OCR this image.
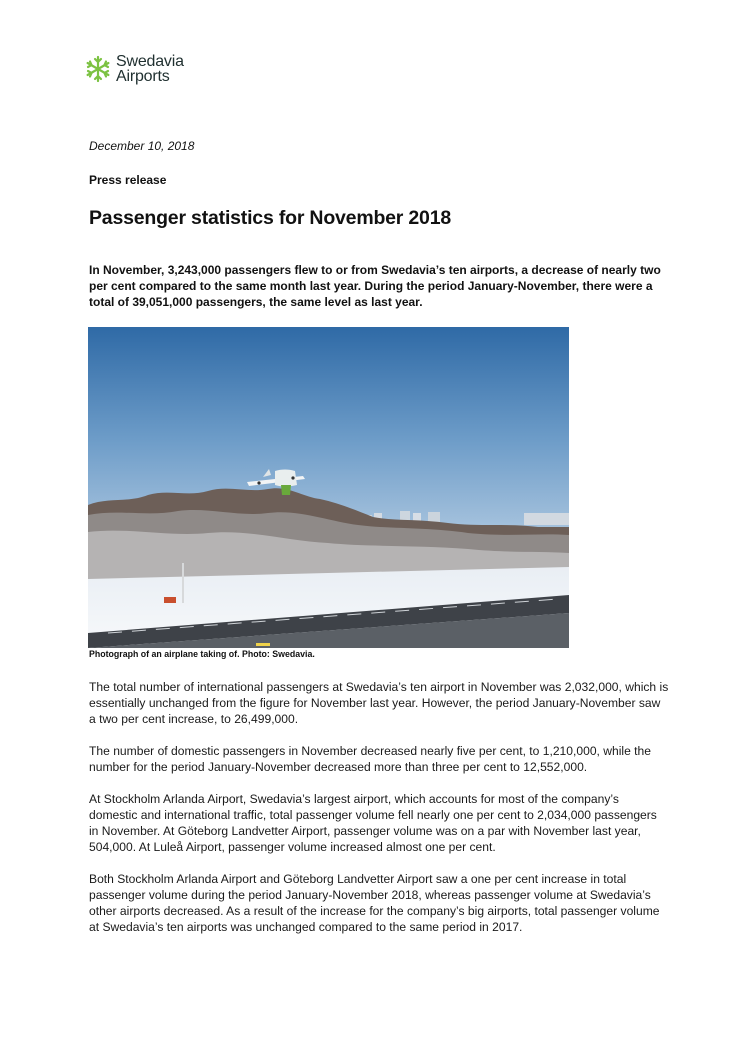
Swedavia
Airports
December 10, 2018
Press release
Passenger statistics for November 2018

In November, 3,243,000 passengers flew to or from Swedavia’s ten airports, a decrease of nearly two per cent compared to the same month last year. During the period January-November, there were a total of 39,051,000 passengers, the same level as last year.

Photograph of an airplane taking of. Photo: Swedavia.

The total number of international passengers at Swedavia’s ten airport in November was 2,032,000, which is essentially unchanged from the figure for November last year. However, the period January-November saw a two per cent increase, to 26,499,000.

The number of domestic passengers in November decreased nearly five per cent, to 1,210,000, while the number for the period January-November decreased more than three per cent to 12,552,000.

At Stockholm Arlanda Airport, Swedavia’s largest airport, which accounts for most of the company’s domestic and international traffic, total passenger volume fell nearly one per cent to 2,034,000 passengers in November. At Göteborg Landvetter Airport, passenger volume was on a par with November last year, 504,000. At Luleå Airport, passenger volume increased almost one per cent.

Both Stockholm Arlanda Airport and Göteborg Landvetter Airport saw a one per cent increase in total passenger volume during the period January-November 2018, whereas passenger volume at Swedavia’s other airports decreased. As a result of the increase for the company’s big airports, total passenger volume at Swedavia’s ten airports was unchanged compared to the same period in 2017.
